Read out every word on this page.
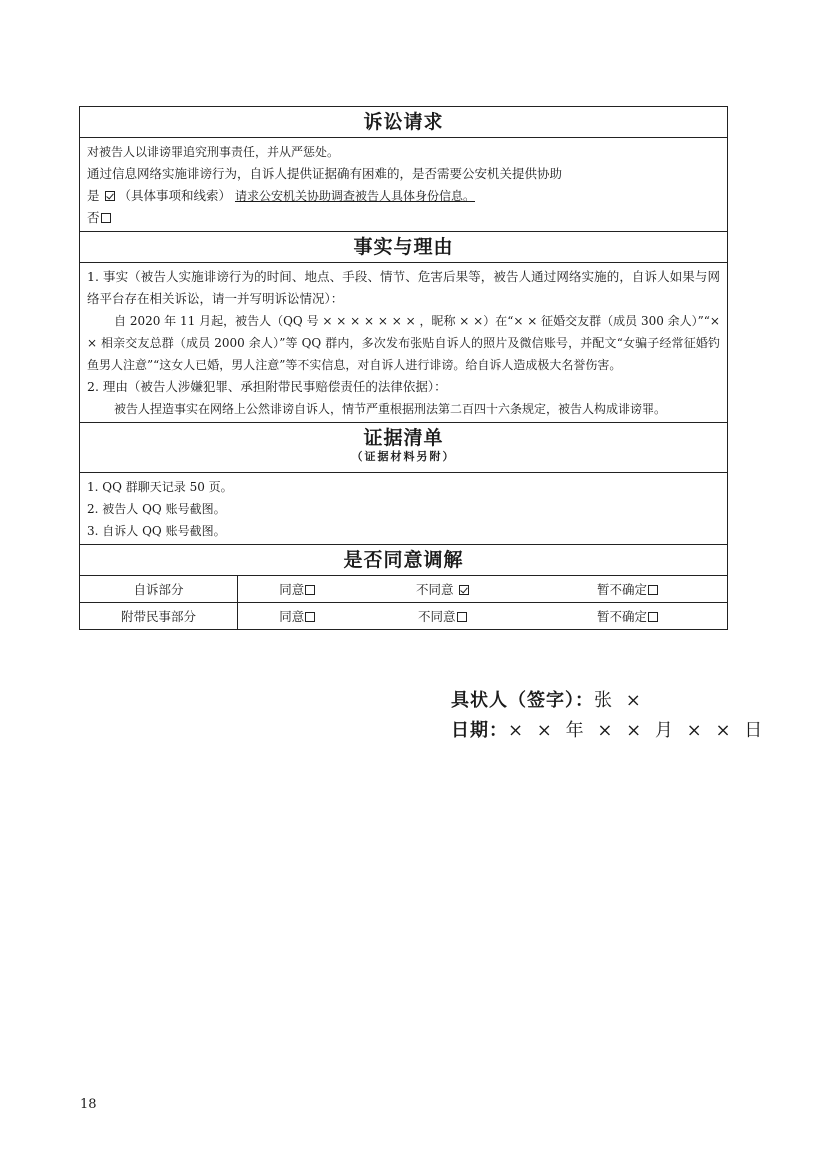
诉讼请求
对被告人以诽谤罪追究刑事责任，并从严惩处。
通过信息网络实施诽谤行为，自诉人提供证据确有困难的，是否需要公安机关提供协助
是 （具体事项和线索） 请求公安机关协助调查被告人具体身份信息。
否
事实与理由
1. 事实（被告人实施诽谤行为的时间、地点、手段、情节、危害后果等，被告人通过网络实施的，自诉人如果与网络平台存在相关诉讼，请一并写明诉讼情况）：
自 2020 年 11 月起，被告人（QQ 号 × × × × × × × ，昵称 × ×）在“× × 征婚交友群（成员 300 余人）”“× × 相亲交友总群（成员 2000 余人）”等 QQ 群内，多次发布张贴自诉人的照片及微信账号，并配文“女骗子经常征婚钓鱼男人注意”“这女人已婚，男人注意”等不实信息，对自诉人进行诽谤。给自诉人造成极大名誉伤害。
2. 理由（被告人涉嫌犯罪、承担附带民事赔偿责任的法律依据）：
被告人捏造事实在网络上公然诽谤自诉人，情节严重根据刑法第二百四十六条规定，被告人构成诽谤罪。
证据清单
（证据材料另附）
1. QQ 群聊天记录 50 页。
2. 被告人 QQ 账号截图。
3. 自诉人 QQ 账号截图。
是否同意调解
自诉部分	同意	不同意	暂不确定
附带民事部分	同意	不同意	暂不确定
具状人（签字）：张 ×
日期：× × 年 × × 月 × × 日
18
